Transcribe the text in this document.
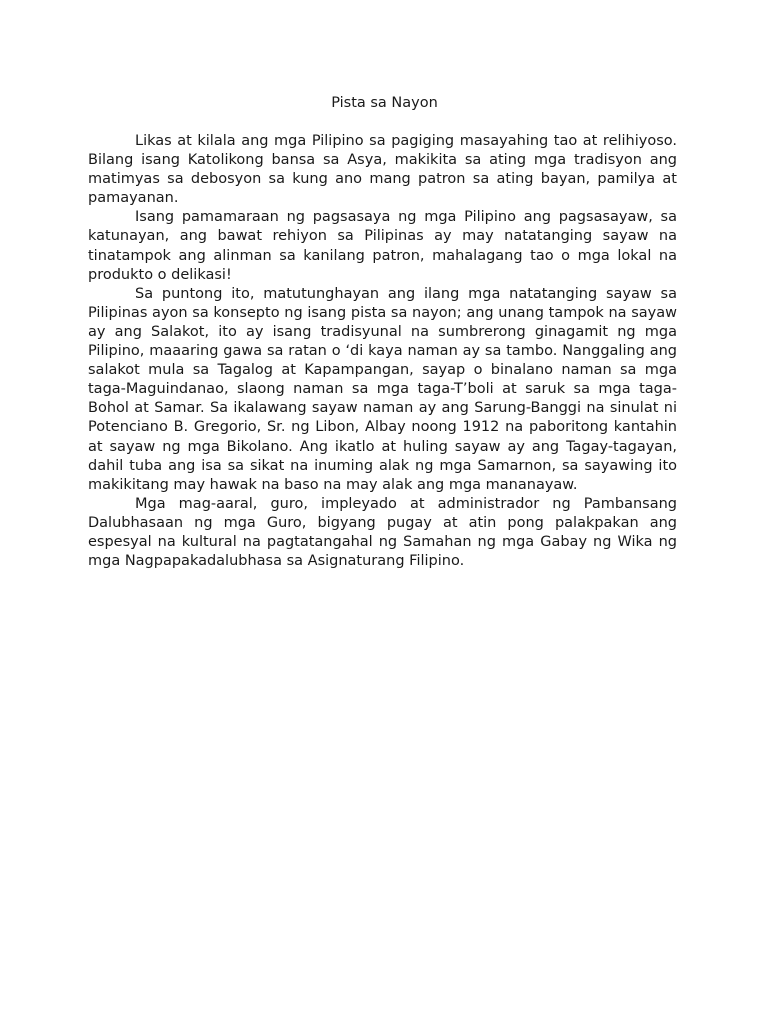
Pista sa Nayon

Likas at kilala ang mga Pilipino sa pagiging masayahing tao at relihiyoso. Bilang isang Katolikong bansa sa Asya, makikita sa ating mga tradisyon ang matimyas sa debosyon sa kung ano mang patron sa ating bayan, pamilya at pamayanan.

Isang pamamaraan ng pagsasaya ng mga Pilipino ang pagsasayaw, sa katunayan, ang bawat rehiyon sa Pilipinas ay may natatanging sayaw na tinatampok ang alinman sa kanilang patron, mahalagang tao o mga lokal na produkto o delikasi!

Sa puntong ito, matutunghayan ang ilang mga natatanging sayaw sa Pilipinas ayon sa konsepto ng isang pista sa nayon; ang unang tampok na sayaw ay ang Salakot, ito ay isang tradisyunal na sumbrerong ginagamit ng mga Pilipino, maaaring gawa sa ratan o ‘di kaya naman ay sa tambo. Nanggaling ang salakot mula sa Tagalog at Kapampangan, sayap o binalano naman sa mga taga-Maguindanao, slaong naman sa mga taga-T’boli at saruk sa mga taga-Bohol at Samar. Sa ikalawang sayaw naman ay ang Sarung-Banggi na sinulat ni Potenciano B. Gregorio, Sr. ng Libon, Albay noong 1912 na paboritong kantahin at sayaw ng mga Bikolano. Ang ikatlo at huling sayaw ay ang Tagay-tagayan, dahil tuba ang isa sa sikat na inuming alak ng mga Samarnon, sa sayawing ito makikitang may hawak na baso na may alak ang mga mananayaw.

Mga mag-aaral, guro, impleyado at administrador ng Pambansang Dalubhasaan ng mga Guro, bigyang pugay at atin pong palakpakan ang espesyal na kultural na pagtatangahal ng Samahan ng mga Gabay ng Wika ng mga Nagpapakadalubhasa sa Asignaturang Filipino.
